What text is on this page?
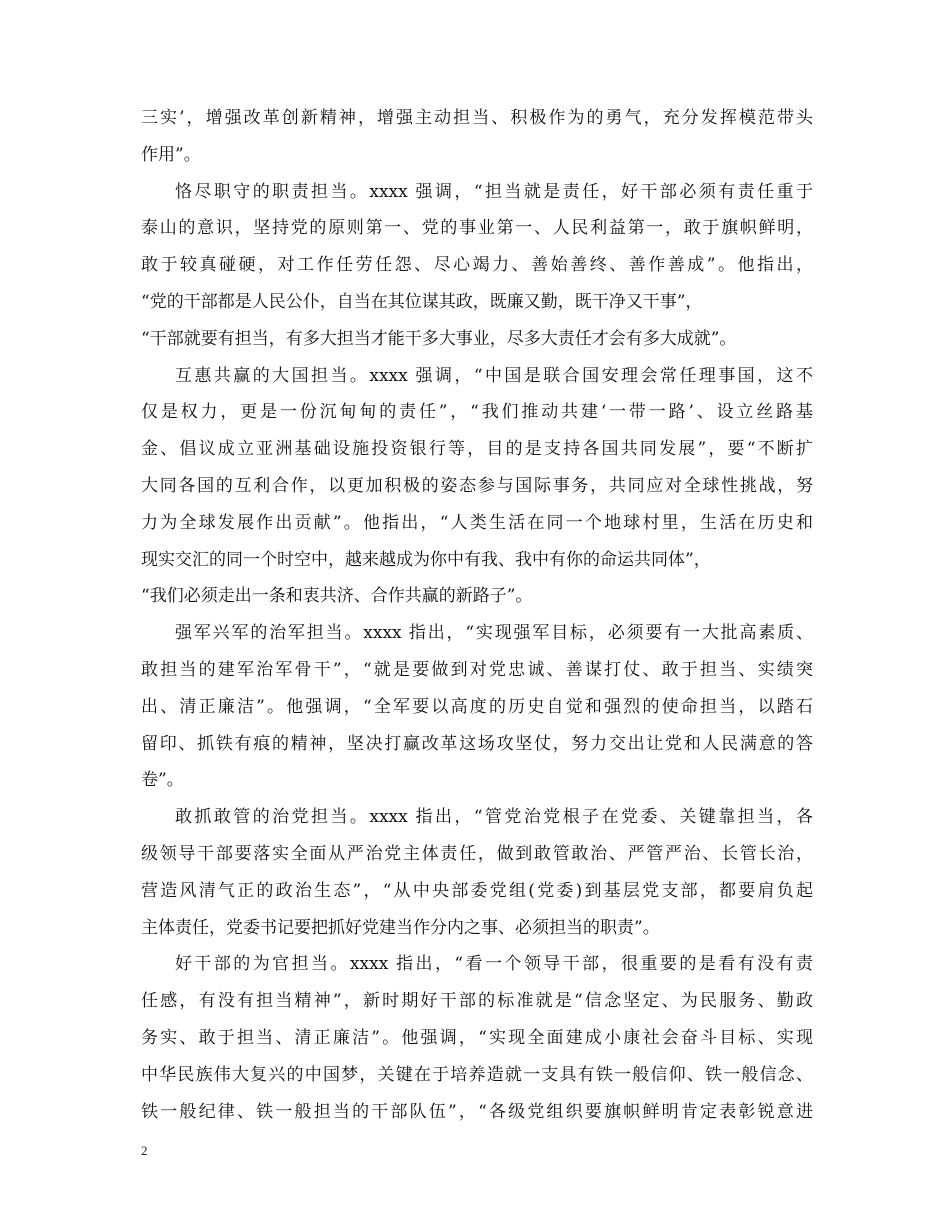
三实’，增强改革创新精神，增强主动担当、积极作为的勇气，充分发挥模范带头
作用”。
恪尽职守的职责担当。xxxx 强调，“担当就是责任，好干部必须有责任重于
泰山的意识，坚持党的原则第一、党的事业第一、人民利益第一，敢于旗帜鲜明，
敢于较真碰硬，对工作任劳任怨、尽心竭力、善始善终、善作善成”。他指出，
“党的干部都是人民公仆，自当在其位谋其政，既廉又勤，既干净又干事”，
“干部就要有担当，有多大担当才能干多大事业，尽多大责任才会有多大成就”。
互惠共赢的大国担当。xxxx 强调，“中国是联合国安理会常任理事国，这不
仅是权力，更是一份沉甸甸的责任”，“我们推动共建‘一带一路’、设立丝路基
金、倡议成立亚洲基础设施投资银行等，目的是支持各国共同发展”，要“不断扩
大同各国的互利合作，以更加积极的姿态参与国际事务，共同应对全球性挑战，努
力为全球发展作出贡献”。他指出，“人类生活在同一个地球村里，生活在历史和
现实交汇的同一个时空中，越来越成为你中有我、我中有你的命运共同体”，
“我们必须走出一条和衷共济、合作共赢的新路子”。
强军兴军的治军担当。xxxx 指出，“实现强军目标，必须要有一大批高素质、
敢担当的建军治军骨干”，“就是要做到对党忠诚、善谋打仗、敢于担当、实绩突
出、清正廉洁”。他强调，“全军要以高度的历史自觉和强烈的使命担当，以踏石
留印、抓铁有痕的精神，坚决打赢改革这场攻坚仗，努力交出让党和人民满意的答
卷”。
敢抓敢管的治党担当。xxxx 指出，“管党治党根子在党委、关键靠担当，各
级领导干部要落实全面从严治党主体责任，做到敢管敢治、严管严治、长管长治，
营造风清气正的政治生态”，“从中央部委党组(党委)到基层党支部，都要肩负起
主体责任，党委书记要把抓好党建当作分内之事、必须担当的职责”。
好干部的为官担当。xxxx 指出，“看一个领导干部，很重要的是看有没有责
任感，有没有担当精神”，新时期好干部的标准就是“信念坚定、为民服务、勤政
务实、敢于担当、清正廉洁”。他强调，“实现全面建成小康社会奋斗目标、实现
中华民族伟大复兴的中国梦，关键在于培养造就一支具有铁一般信仰、铁一般信念、
铁一般纪律、铁一般担当的干部队伍”，“各级党组织要旗帜鲜明肯定表彰锐意进
2
